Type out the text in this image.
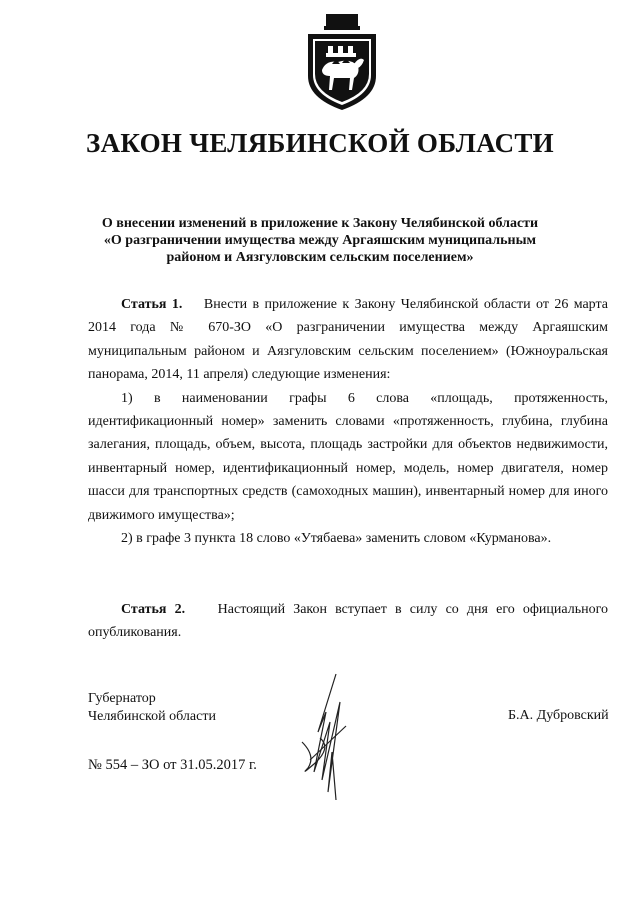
ЗАКОН ЧЕЛЯБИНСКОЙ ОБЛАСТИ
О внесении изменений в приложение к Закону Челябинской области
«О разграничении имущества между Аргаяшским муниципальным
районом и Аязгуловским сельским поселением»
Статья 1. Внести в приложение к Закону Челябинской области от 26 марта 2014 года № 670-ЗО «О разграничении имущества между Аргаяшским муниципальным районом и Аязгуловским сельским поселением» (Южноуральская панорама, 2014, 11 апреля) следующие изменения:
1) в наименовании графы 6 слова «площадь, протяженность, идентификационный номер» заменить словами «протяженность, глубина, глубина залегания, площадь, объем, высота, площадь застройки для объектов недвижимости, инвентарный номер, идентификационный номер, модель, номер двигателя, номер шасси для транспортных средств (самоходных машин), инвентарный номер для иного движимого имущества»;
2) в графе 3 пункта 18 слово «Утябаева» заменить словом «Курманова».
Статья 2. Настоящий Закон вступает в силу со дня его официального опубликования.
Губернатор
Челябинской области	Б.А. Дубровский
№ 554 – ЗО от 31.05.2017 г.
